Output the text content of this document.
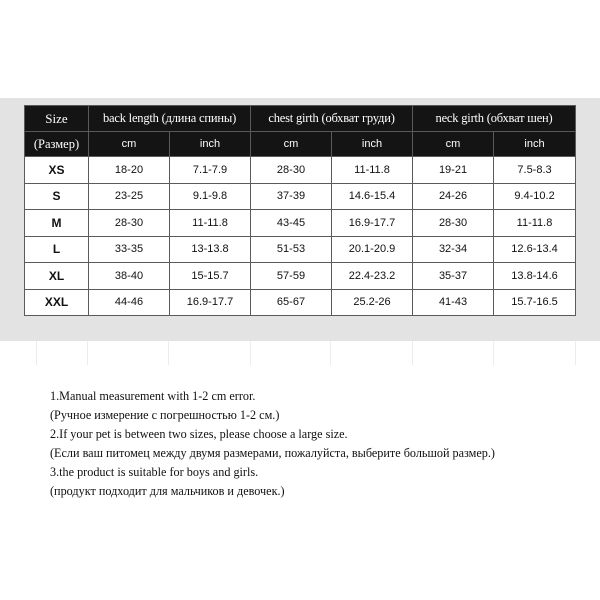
Size	back length (длина спины)		chest girth (обхват груди)		neck girth (обхват шен)	
(Размер)	cm	inch	cm	inch	cm	inch
XS	18-20	7.1-7.9	28-30	11-11.8	19-21	7.5-8.3
S	23-25	9.1-9.8	37-39	14.6-15.4	24-26	9.4-10.2
M	28-30	11-11.8	43-45	16.9-17.7	28-30	11-11.8
L	33-35	13-13.8	51-53	20.1-20.9	32-34	12.6-13.4
XL	38-40	15-15.7	57-59	22.4-23.2	35-37	13.8-14.6
XXL	44-46	16.9-17.7	65-67	25.2-26	41-43	15.7-16.5
1.Manual measurement with 1-2 cm error.
(Ручное измерение с погрешностью 1-2 см.)
2.If your pet is between two sizes, please choose a large size.
(Если ваш питомец между двумя размерами, пожалуйста, выберите большой размер.)
3.the product is suitable for boys and girls.
(продукт подходит для мальчиков и девочек.)
